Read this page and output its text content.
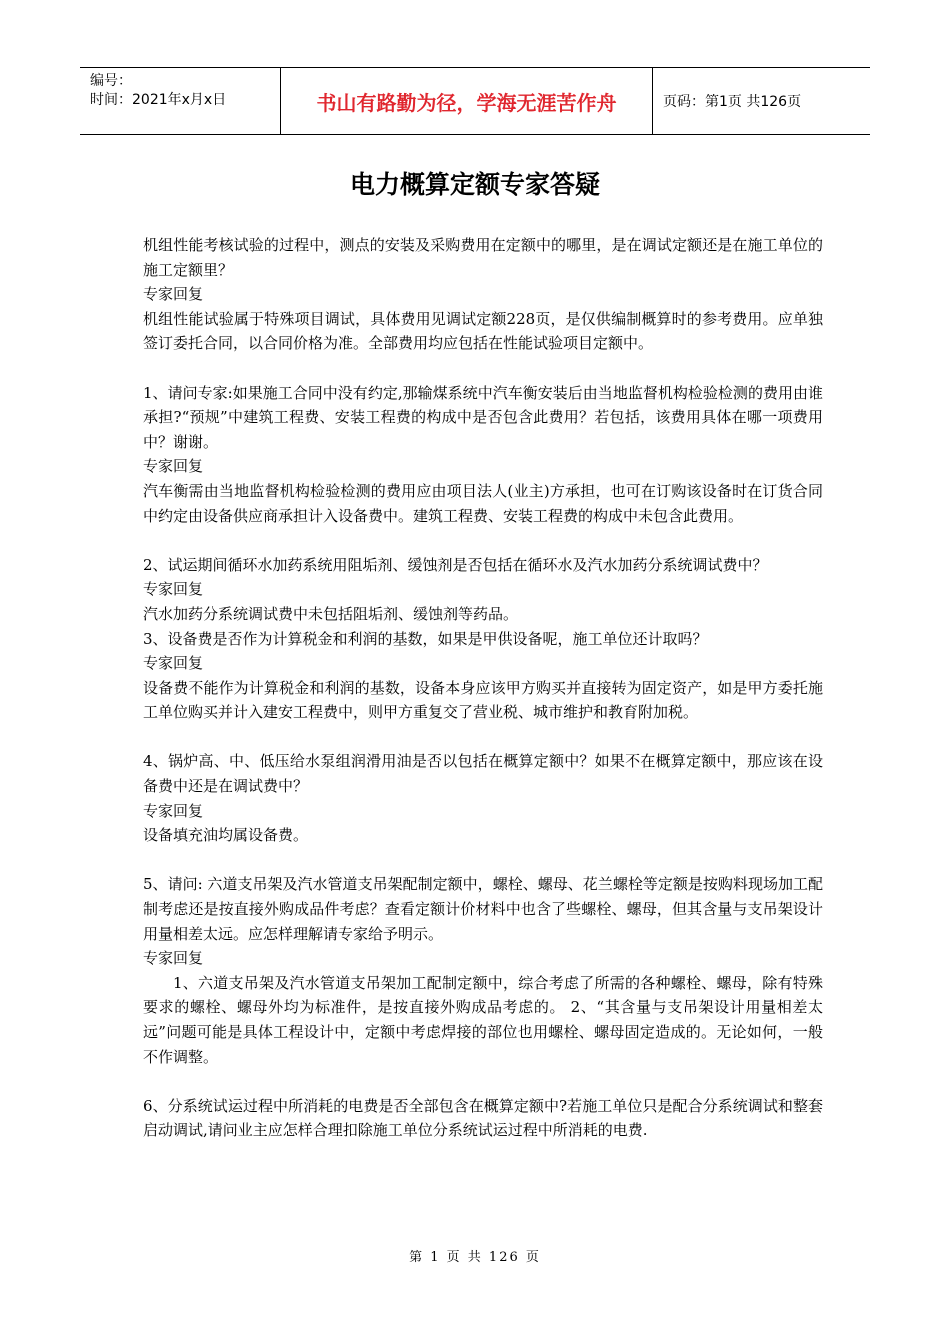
编号：
时间：2021年x月x日	书山有路勤为径，学海无涯苦作舟	页码：第1页 共126页
电力概算定额专家答疑

机组性能考核试验的过程中，测点的安装及采购费用在定额中的哪里，是在调试定额还是在施工单位的施工定额里？

专家回复

机组性能试验属于特殊项目调试，具体费用见调试定额228页，是仅供编制概算时的参考费用。应单独签订委托合同，以合同价格为准。全部费用均应包括在性能试验项目定额中。

1、请问专家:如果施工合同中没有约定,那输煤系统中汽车衡安装后由当地监督机构检验检测的费用由谁承担?“预规”中建筑工程费、安装工程费的构成中是否包含此费用？若包括，该费用具体在哪一项费用中？谢谢。

专家回复

汽车衡需由当地监督机构检验检测的费用应由项目法人(业主)方承担，也可在订购该设备时在订货合同中约定由设备供应商承担计入设备费中。建筑工程费、安装工程费的构成中未包含此费用。

2、试运期间循环水加药系统用阻垢剂、缓蚀剂是否包括在循环水及汽水加药分系统调试费中？

专家回复

汽水加药分系统调试费中未包括阻垢剂、缓蚀剂等药品。

3、设备费是否作为计算税金和利润的基数，如果是甲供设备呢，施工单位还计取吗？

专家回复

设备费不能作为计算税金和利润的基数，设备本身应该甲方购买并直接转为固定资产，如是甲方委托施工单位购买并计入建安工程费中，则甲方重复交了营业税、城市维护和教育附加税。

4、锅炉高、中、低压给水泵组润滑用油是否以包括在概算定额中？如果不在概算定额中，那应该在设备费中还是在调试费中？

专家回复

设备填充油均属设备费。

5、请问: 六道支吊架及汽水管道支吊架配制定额中，螺栓、螺母、花兰螺栓等定额是按购料现场加工配制考虑还是按直接外购成品件考虑？查看定额计价材料中也含了些螺栓、螺母，但其含量与支吊架设计用量相差太远。应怎样理解请专家给予明示。

专家回复

1、六道支吊架及汽水管道支吊架加工配制定额中，综合考虑了所需的各种螺栓、螺母，除有特殊要求的螺栓、螺母外均为标准件，是按直接外购成品考虑的。 2、“其含量与支吊架设计用量相差太远”问题可能是具体工程设计中，定额中考虑焊接的部位也用螺栓、螺母固定造成的。无论如何，一般不作调整。

6、分系统试运过程中所消耗的电费是否全部包含在概算定额中?若施工单位只是配合分系统调试和整套启动调试,请问业主应怎样合理扣除施工单位分系统试运过程中所消耗的电费.

第 1 页 共 126 页
